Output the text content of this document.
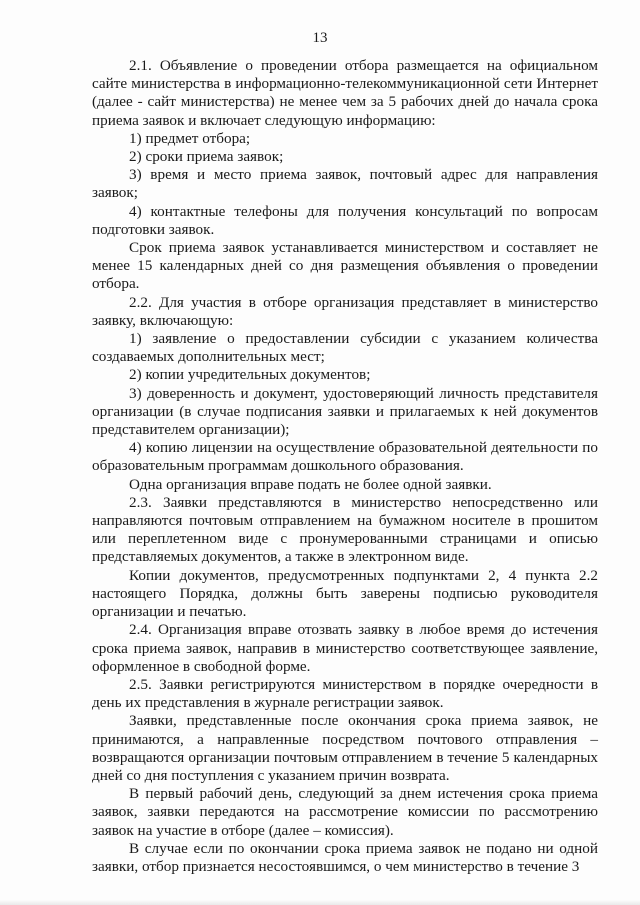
13

2.1. Объявление о проведении отбора размещается на официальном сайте министерства в информационно-телекоммуникационной сети Интернет (далее - сайт министерства) не менее чем за 5 рабочих дней до начала срока приема заявок и включает следующую информацию:

1) предмет отбора;

2) сроки приема заявок;

3) время и место приема заявок, почтовый адрес для направления заявок;

4) контактные телефоны для получения консультаций по вопросам подготовки заявок.

Срок приема заявок устанавливается министерством и составляет не менее 15 календарных дней со дня размещения объявления о проведении отбора.

2.2. Для участия в отборе организация представляет в министерство заявку, включающую:

1) заявление о предоставлении субсидии с указанием количества создаваемых дополнительных мест;

2) копии учредительных документов;

3) доверенность и документ, удостоверяющий личность представителя организации (в случае подписания заявки и прилагаемых к ней документов представителем организации);

4) копию лицензии на осуществление образовательной деятельности по образовательным программам дошкольного образования.

Одна организация вправе подать не более одной заявки.

2.3. Заявки представляются в министерство непосредственно или направляются почтовым отправлением на бумажном носителе в прошитом или переплетенном виде с пронумерованными страницами и описью представляемых документов, а также в электронном виде.

Копии документов, предусмотренных подпунктами 2, 4 пункта 2.2 настоящего Порядка, должны быть заверены подписью руководителя организации и печатью.

2.4. Организация вправе отозвать заявку в любое время до истечения срока приема заявок, направив в министерство соответствующее заявление, оформленное в свободной форме.

2.5. Заявки регистрируются министерством в порядке очередности в день их представления в журнале регистрации заявок.

Заявки, представленные после окончания срока приема заявок, не принимаются, а направленные посредством почтового отправления – возвращаются организации почтовым отправлением в течение 5 календарных дней со дня поступления с указанием причин возврата.

В первый рабочий день, следующий за днем истечения срока приема заявок, заявки передаются на рассмотрение комиссии по рассмотрению заявок на участие в отборе (далее – комиссия).

В случае если по окончании срока приема заявок не подано ни одной заявки, отбор признается несостоявшимся, о чем министерство в течение 3
